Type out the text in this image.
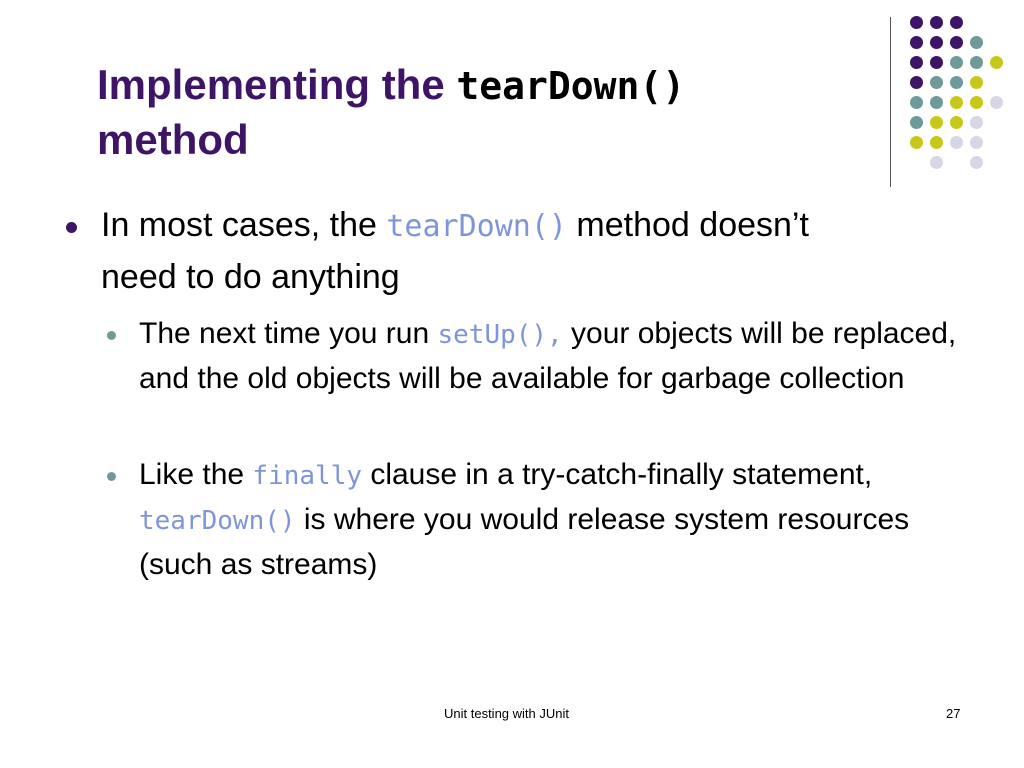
Implementing the tearDown()
method
In most cases, the tearDown() method doesn’t need to do anything
The next time you run setUp(), your objects will be replaced, and the old objects will be available for garbage collection
Like the finally clause in a try-catch-finally statement, tearDown() is where you would release system resources (such as streams)
Unit testing with JUnit	27
